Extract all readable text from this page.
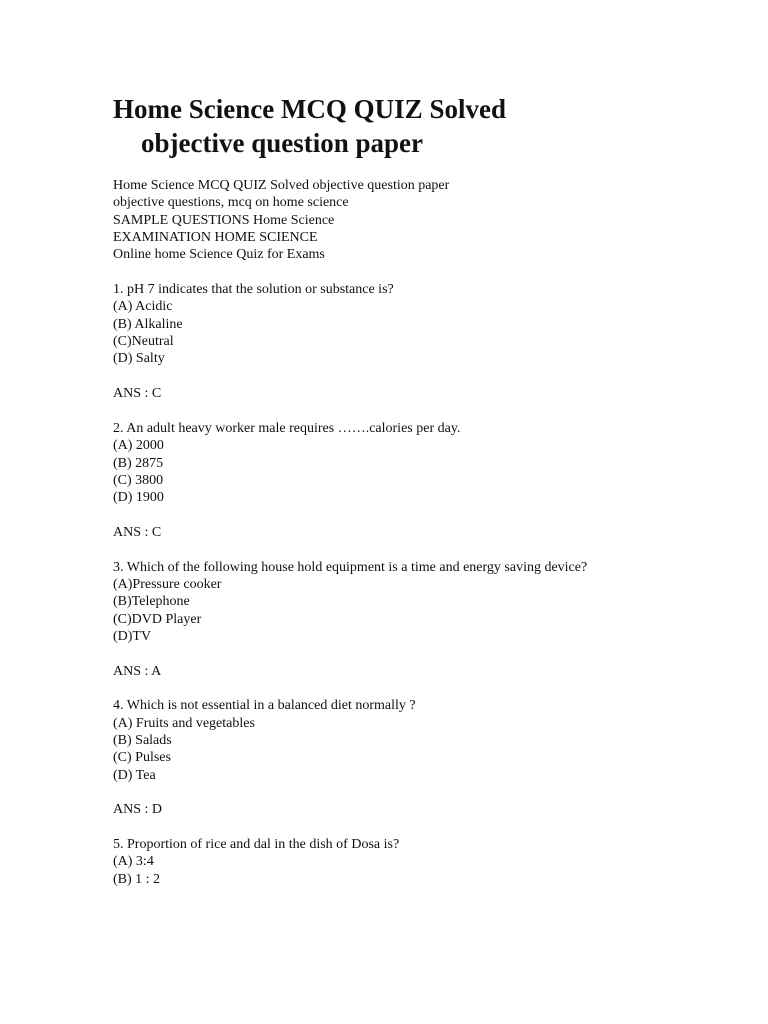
Home Science MCQ QUIZ Solved
objective question paper
Home Science MCQ QUIZ Solved objective question paper
objective questions, mcq on home science
SAMPLE QUESTIONS Home Science
EXAMINATION HOME SCIENCE
Online home Science Quiz for Exams
1. pH 7 indicates that the solution or substance is?
(A) Acidic
(B) Alkaline
(C)Neutral
(D) Salty
ANS : C
2. An adult heavy worker male requires …….calories per day.
(A) 2000
(B) 2875
(C) 3800
(D) 1900
ANS : C
3. Which of the following house hold equipment is a time and energy saving device?
(A)Pressure cooker
(B)Telephone
(C)DVD Player
(D)TV
ANS : A
4. Which is not essential in a balanced diet normally ?
(A) Fruits and vegetables
(B) Salads
(C) Pulses
(D) Tea
ANS : D
5. Proportion of rice and dal in the dish of Dosa is?
(A) 3:4
(B) 1 : 2
